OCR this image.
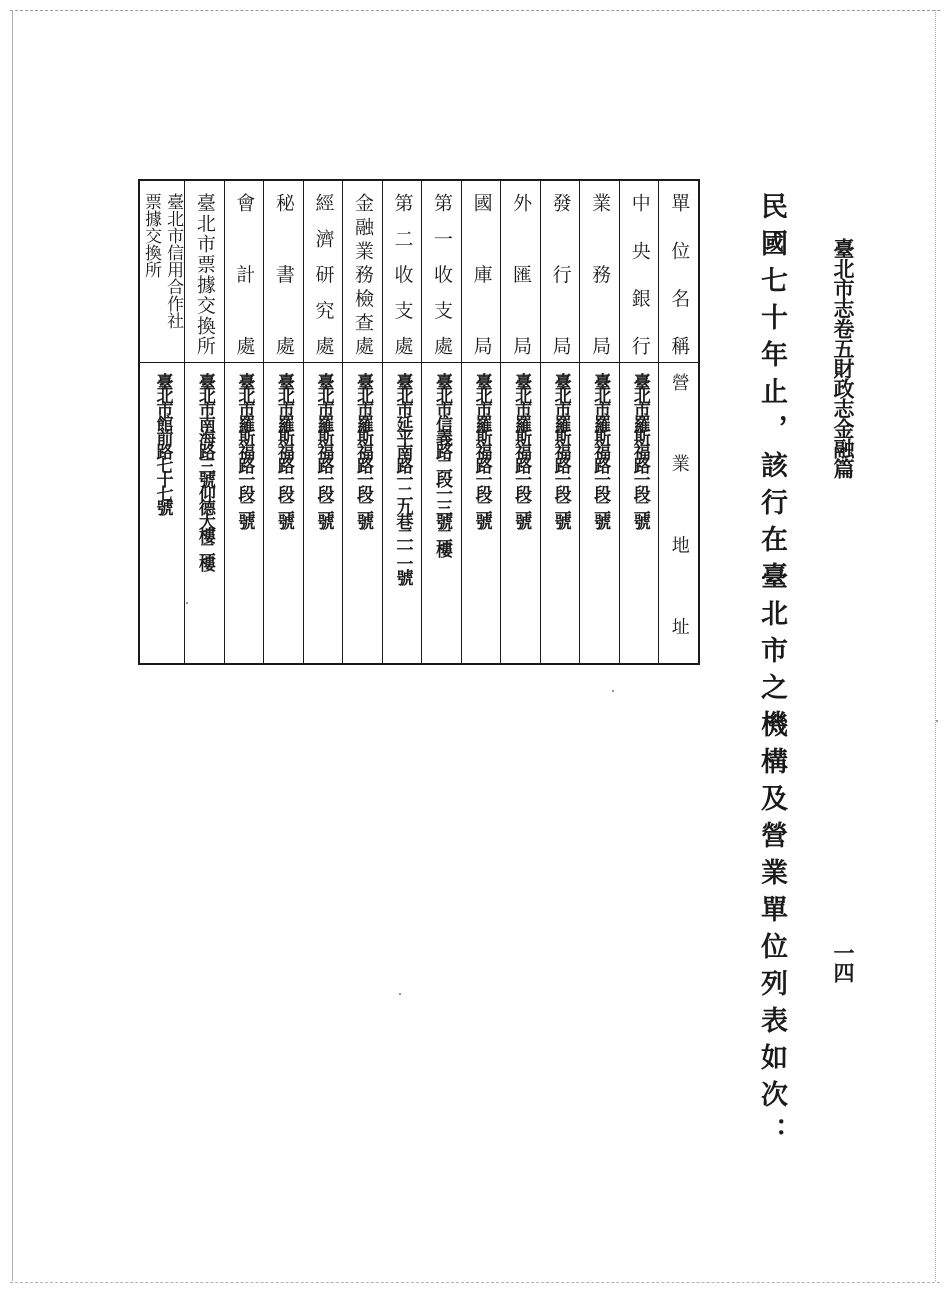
臺北市志卷五財政志金融篇
一四
民國七十年止，該行在臺北市之機構及營業單位列表如次：
單位名稱
營業地址
中央銀行
臺北市羅斯福路一段二號
業務局
臺北市羅斯福路一段二號
發行局
臺北市羅斯福路一段二號
外匯局
臺北市羅斯福路一段二號
國庫局
臺北市羅斯福路一段二號
第一收支處
臺北市信義路二段一三號二樓
第二收支處
臺北市延平南路一二九巷二一一號
金融業務檢查處
臺北市羅斯福路一段二號
經濟研究處
臺北市羅斯福路一段二號
秘書處
臺北市羅斯福路一段二號
會計處
臺北市羅斯福路一段二號
臺北市票據交換所
臺北市南海路三號仰德大樓二樓
臺北市信用合作社
票據交換所
臺北市館前路七十七號
